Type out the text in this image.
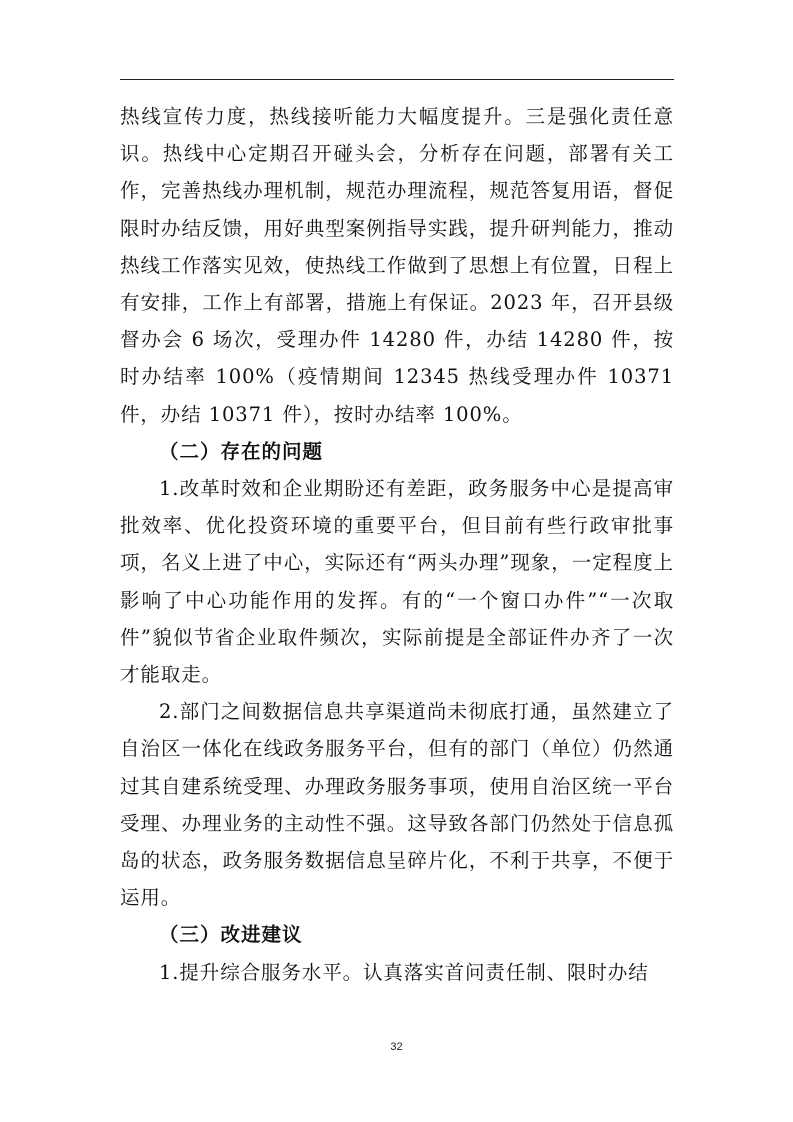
热线宣传力度，热线接听能力大幅度提升。三是强化责任意识。热线中心定期召开碰头会，分析存在问题，部署有关工作，完善热线办理机制，规范办理流程，规范答复用语，督促限时办结反馈，用好典型案例指导实践，提升研判能力，推动热线工作落实见效，使热线工作做到了思想上有位置，日程上有安排，工作上有部署，措施上有保证。2023 年，召开县级督办会 6 场次，受理办件 14280 件，办结 14280 件，按时办结率 100%（疫情期间 12345 热线受理办件 10371 件，办结 10371 件），按时办结率 100%。

（二）存在的问题

1.改革时效和企业期盼还有差距，政务服务中心是提高审批效率、优化投资环境的重要平台，但目前有些行政审批事项，名义上进了中心，实际还有“两头办理”现象，一定程度上影响了中心功能作用的发挥。有的“一个窗口办件”“一次取件”貌似节省企业取件频次，实际前提是全部证件办齐了一次才能取走。

2.部门之间数据信息共享渠道尚未彻底打通，虽然建立了自治区一体化在线政务服务平台，但有的部门（单位）仍然通过其自建系统受理、办理政务服务事项，使用自治区统一平台受理、办理业务的主动性不强。这导致各部门仍然处于信息孤岛的状态，政务服务数据信息呈碎片化，不利于共享，不便于运用。

（三）改进建议

1.提升综合服务水平。认真落实首问责任制、限时办结

32
